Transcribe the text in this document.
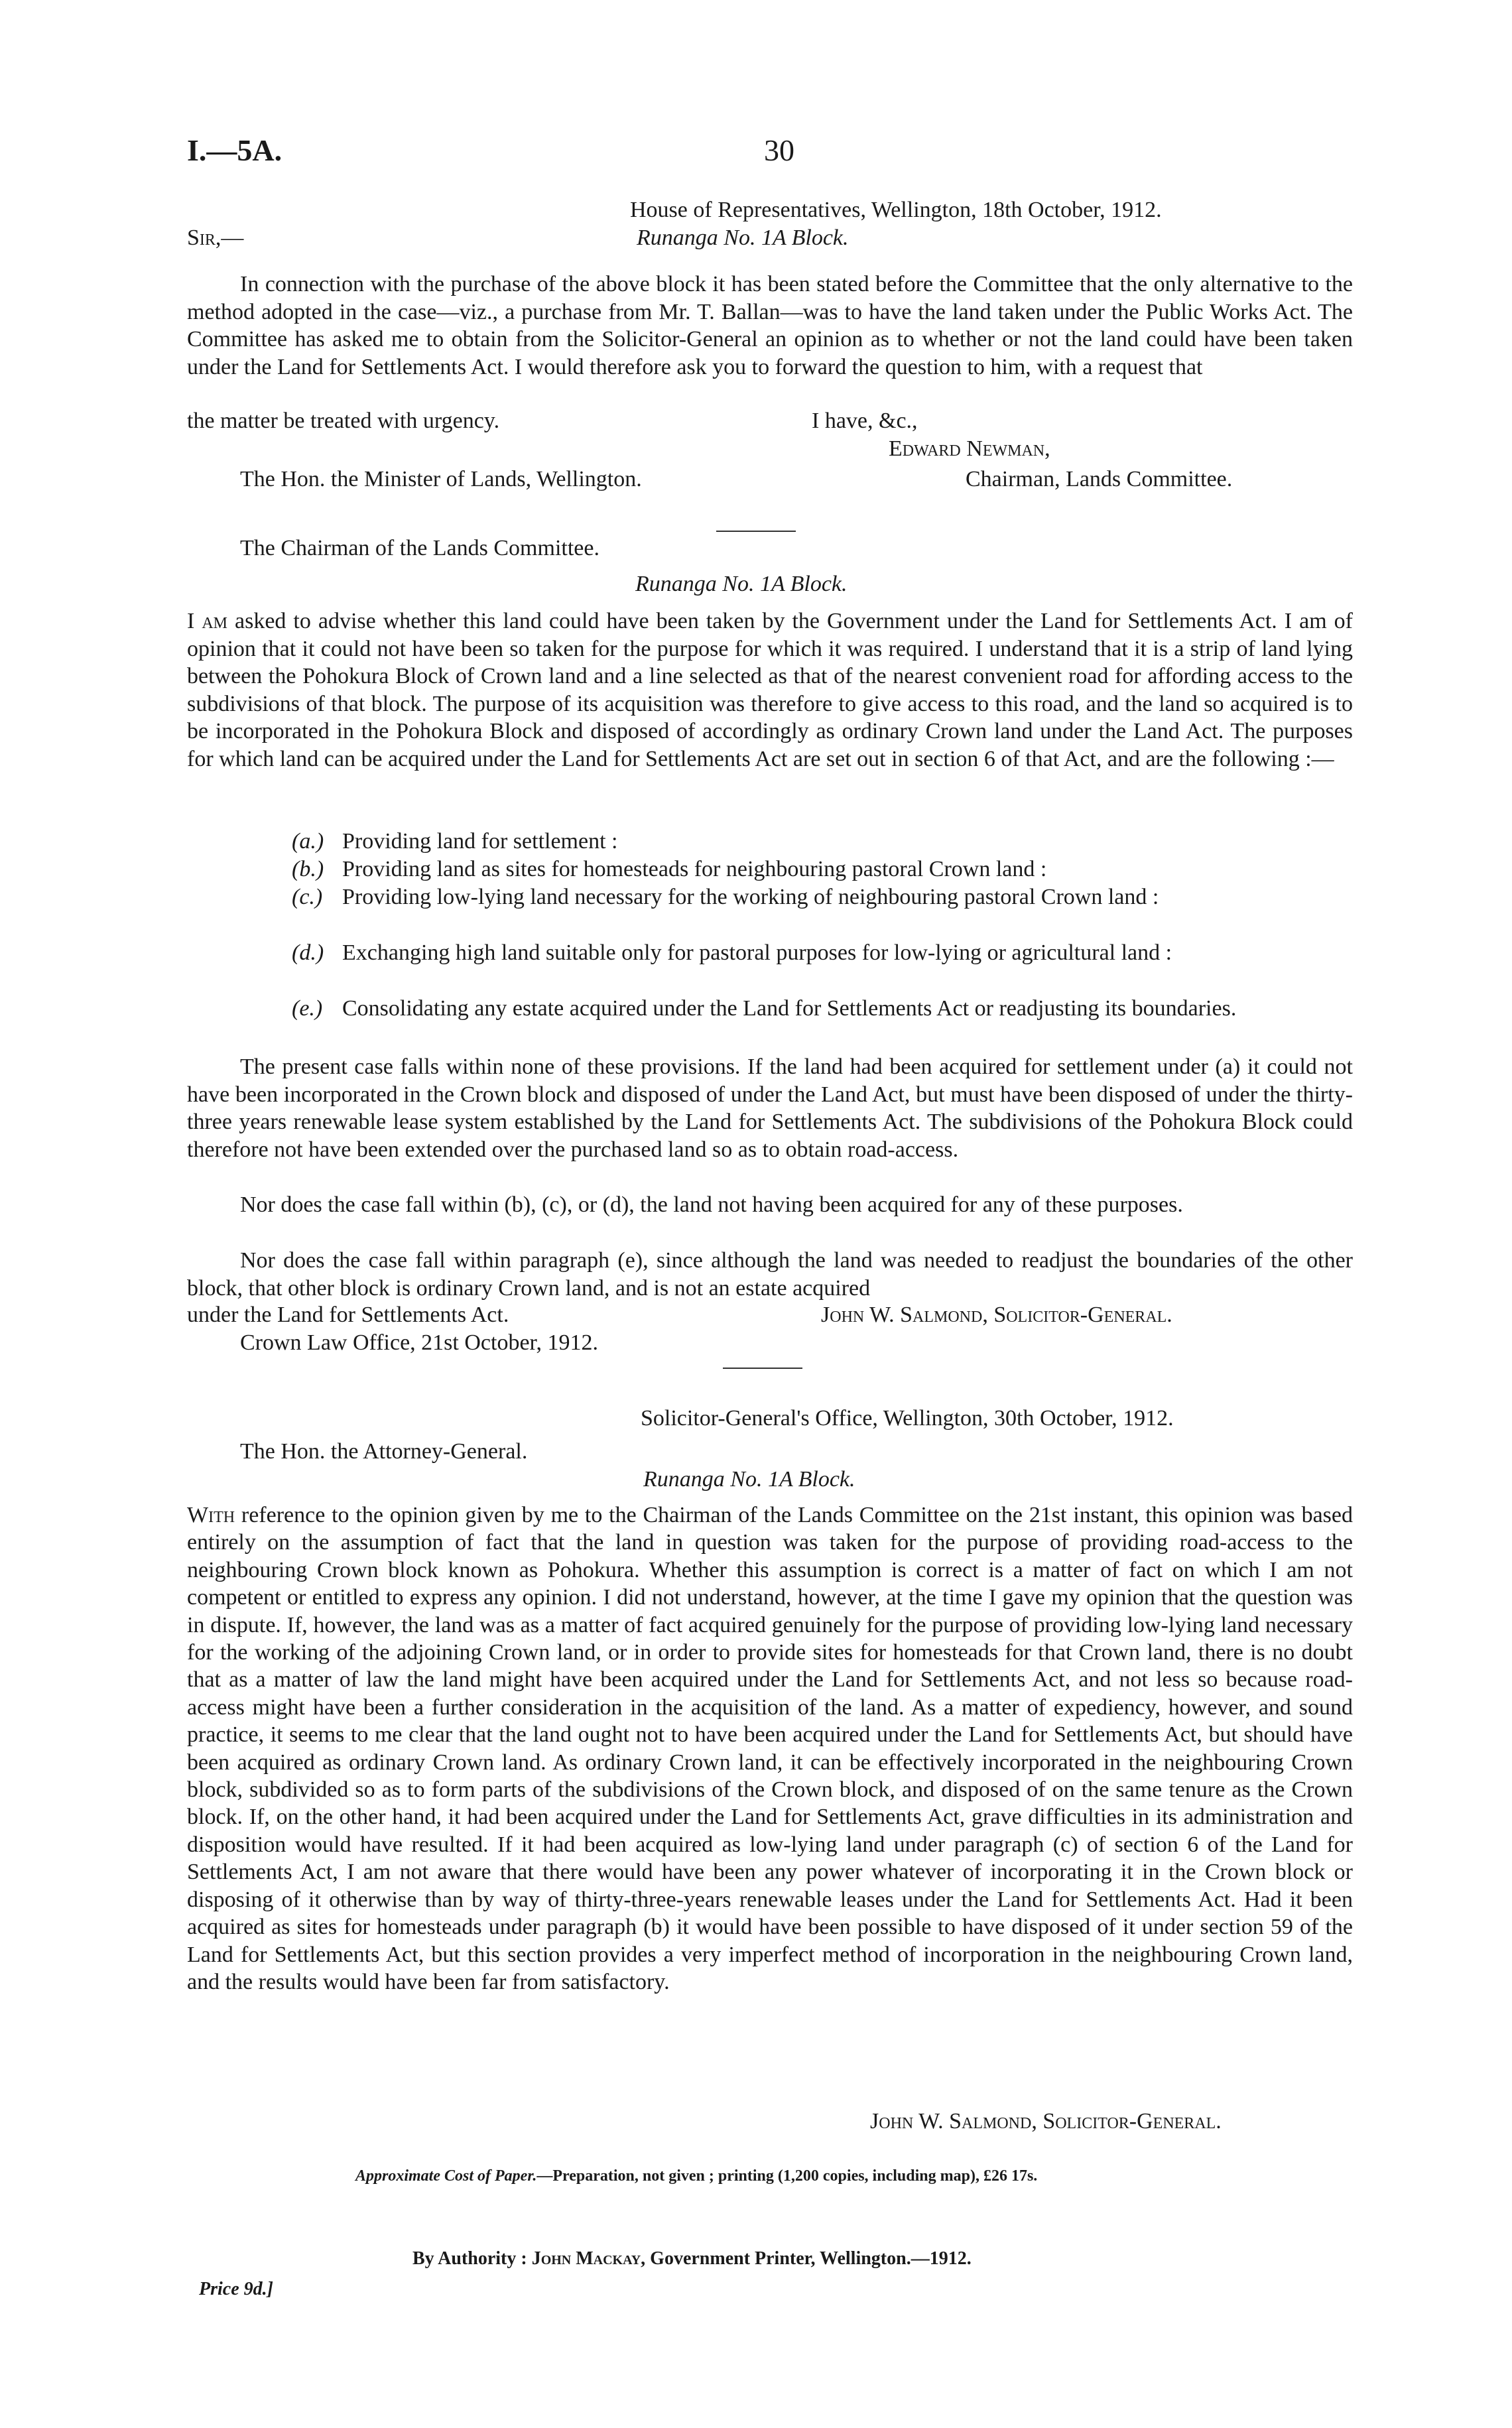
I.—5A.	30
House of Representatives, Wellington, 18th October, 1912.
Sir,—	Runanga No. 1A Block.

In connection with the purchase of the above block it has been stated before the Committee that the only alternative to the method adopted in the case—viz., a purchase from Mr. T. Ballan—was to have the land taken under the Public Works Act. The Committee has asked me to obtain from the Solicitor-General an opinion as to whether or not the land could have been taken under the Land for Settlements Act. I would therefore ask you to forward the question to him, with a request that

the matter be treated with urgency.	I have, &c.,
Edward Newman,
The Hon. the Minister of Lands, Wellington.	Chairman, Lands Committee.
The Chairman of the Lands Committee.
Runanga No. 1A Block.

I am asked to advise whether this land could have been taken by the Government under the Land for Settlements Act. I am of opinion that it could not have been so taken for the purpose for which it was required. I understand that it is a strip of land lying between the Pohokura Block of Crown land and a line selected as that of the nearest convenient road for affording access to the subdivisions of that block. The purpose of its acquisition was therefore to give access to this road, and the land so acquired is to be incorporated in the Pohokura Block and disposed of accordingly as ordinary Crown land under the Land Act. The purposes for which land can be acquired under the Land for Settlements Act are set out in section 6 of that Act, and are the following :—

(a.) Providing land for settlement :
(b.) Providing land as sites for homesteads for neighbouring pastoral Crown land :
(c.) Providing low-lying land necessary for the working of neighbouring pastoral Crown land :
(d.) Exchanging high land suitable only for pastoral purposes for low-lying or agricultural land :
(e.) Consolidating any estate acquired under the Land for Settlements Act or readjusting its boundaries.

The present case falls within none of these provisions. If the land had been acquired for settlement under (a) it could not have been incorporated in the Crown block and disposed of under the Land Act, but must have been disposed of under the thirty-three years renewable lease system established by the Land for Settlements Act. The subdivisions of the Pohokura Block could therefore not have been extended over the purchased land so as to obtain road-access.

Nor does the case fall within (b), (c), or (d), the land not having been acquired for any of these purposes.

Nor does the case fall within paragraph (e), since although the land was needed to readjust the boundaries of the other block, that other block is ordinary Crown land, and is not an estate acquired

under the Land for Settlements Act.	John W. Salmond, Solicitor-General.
Crown Law Office, 21st October, 1912.
Solicitor-General's Office, Wellington, 30th October, 1912.
The Hon. the Attorney-General.
Runanga No. 1A Block.

With reference to the opinion given by me to the Chairman of the Lands Committee on the 21st instant, this opinion was based entirely on the assumption of fact that the land in question was taken for the purpose of providing road-access to the neighbouring Crown block known as Pohokura. Whether this assumption is correct is a matter of fact on which I am not competent or entitled to express any opinion. I did not understand, however, at the time I gave my opinion that the question was in dispute. If, however, the land was as a matter of fact acquired genuinely for the purpose of providing low-lying land necessary for the working of the adjoining Crown land, or in order to provide sites for homesteads for that Crown land, there is no doubt that as a matter of law the land might have been acquired under the Land for Settlements Act, and not less so because road-access might have been a further consideration in the acquisition of the land. As a matter of expediency, however, and sound practice, it seems to me clear that the land ought not to have been acquired under the Land for Settlements Act, but should have been acquired as ordinary Crown land. As ordinary Crown land, it can be effectively incorporated in the neighbouring Crown block, subdivided so as to form parts of the subdivisions of the Crown block, and disposed of on the same tenure as the Crown block. If, on the other hand, it had been acquired under the Land for Settlements Act, grave difficulties in its administration and disposition would have resulted. If it had been acquired as low-lying land under paragraph (c) of section 6 of the Land for Settlements Act, I am not aware that there would have been any power whatever of incorporating it in the Crown block or disposing of it otherwise than by way of thirty-three-years renewable leases under the Land for Settlements Act. Had it been acquired as sites for homesteads under paragraph (b) it would have been possible to have disposed of it under section 59 of the Land for Settlements Act, but this section provides a very imperfect method of incorporation in the neighbouring Crown land, and the results would have been far from satisfactory.

John W. Salmond, Solicitor-General.
Approximate Cost of Paper.—Preparation, not given ; printing (1,200 copies, including map), £26 17s.
By Authority : John Mackay, Government Printer, Wellington.—1912.
Price 9d.]
